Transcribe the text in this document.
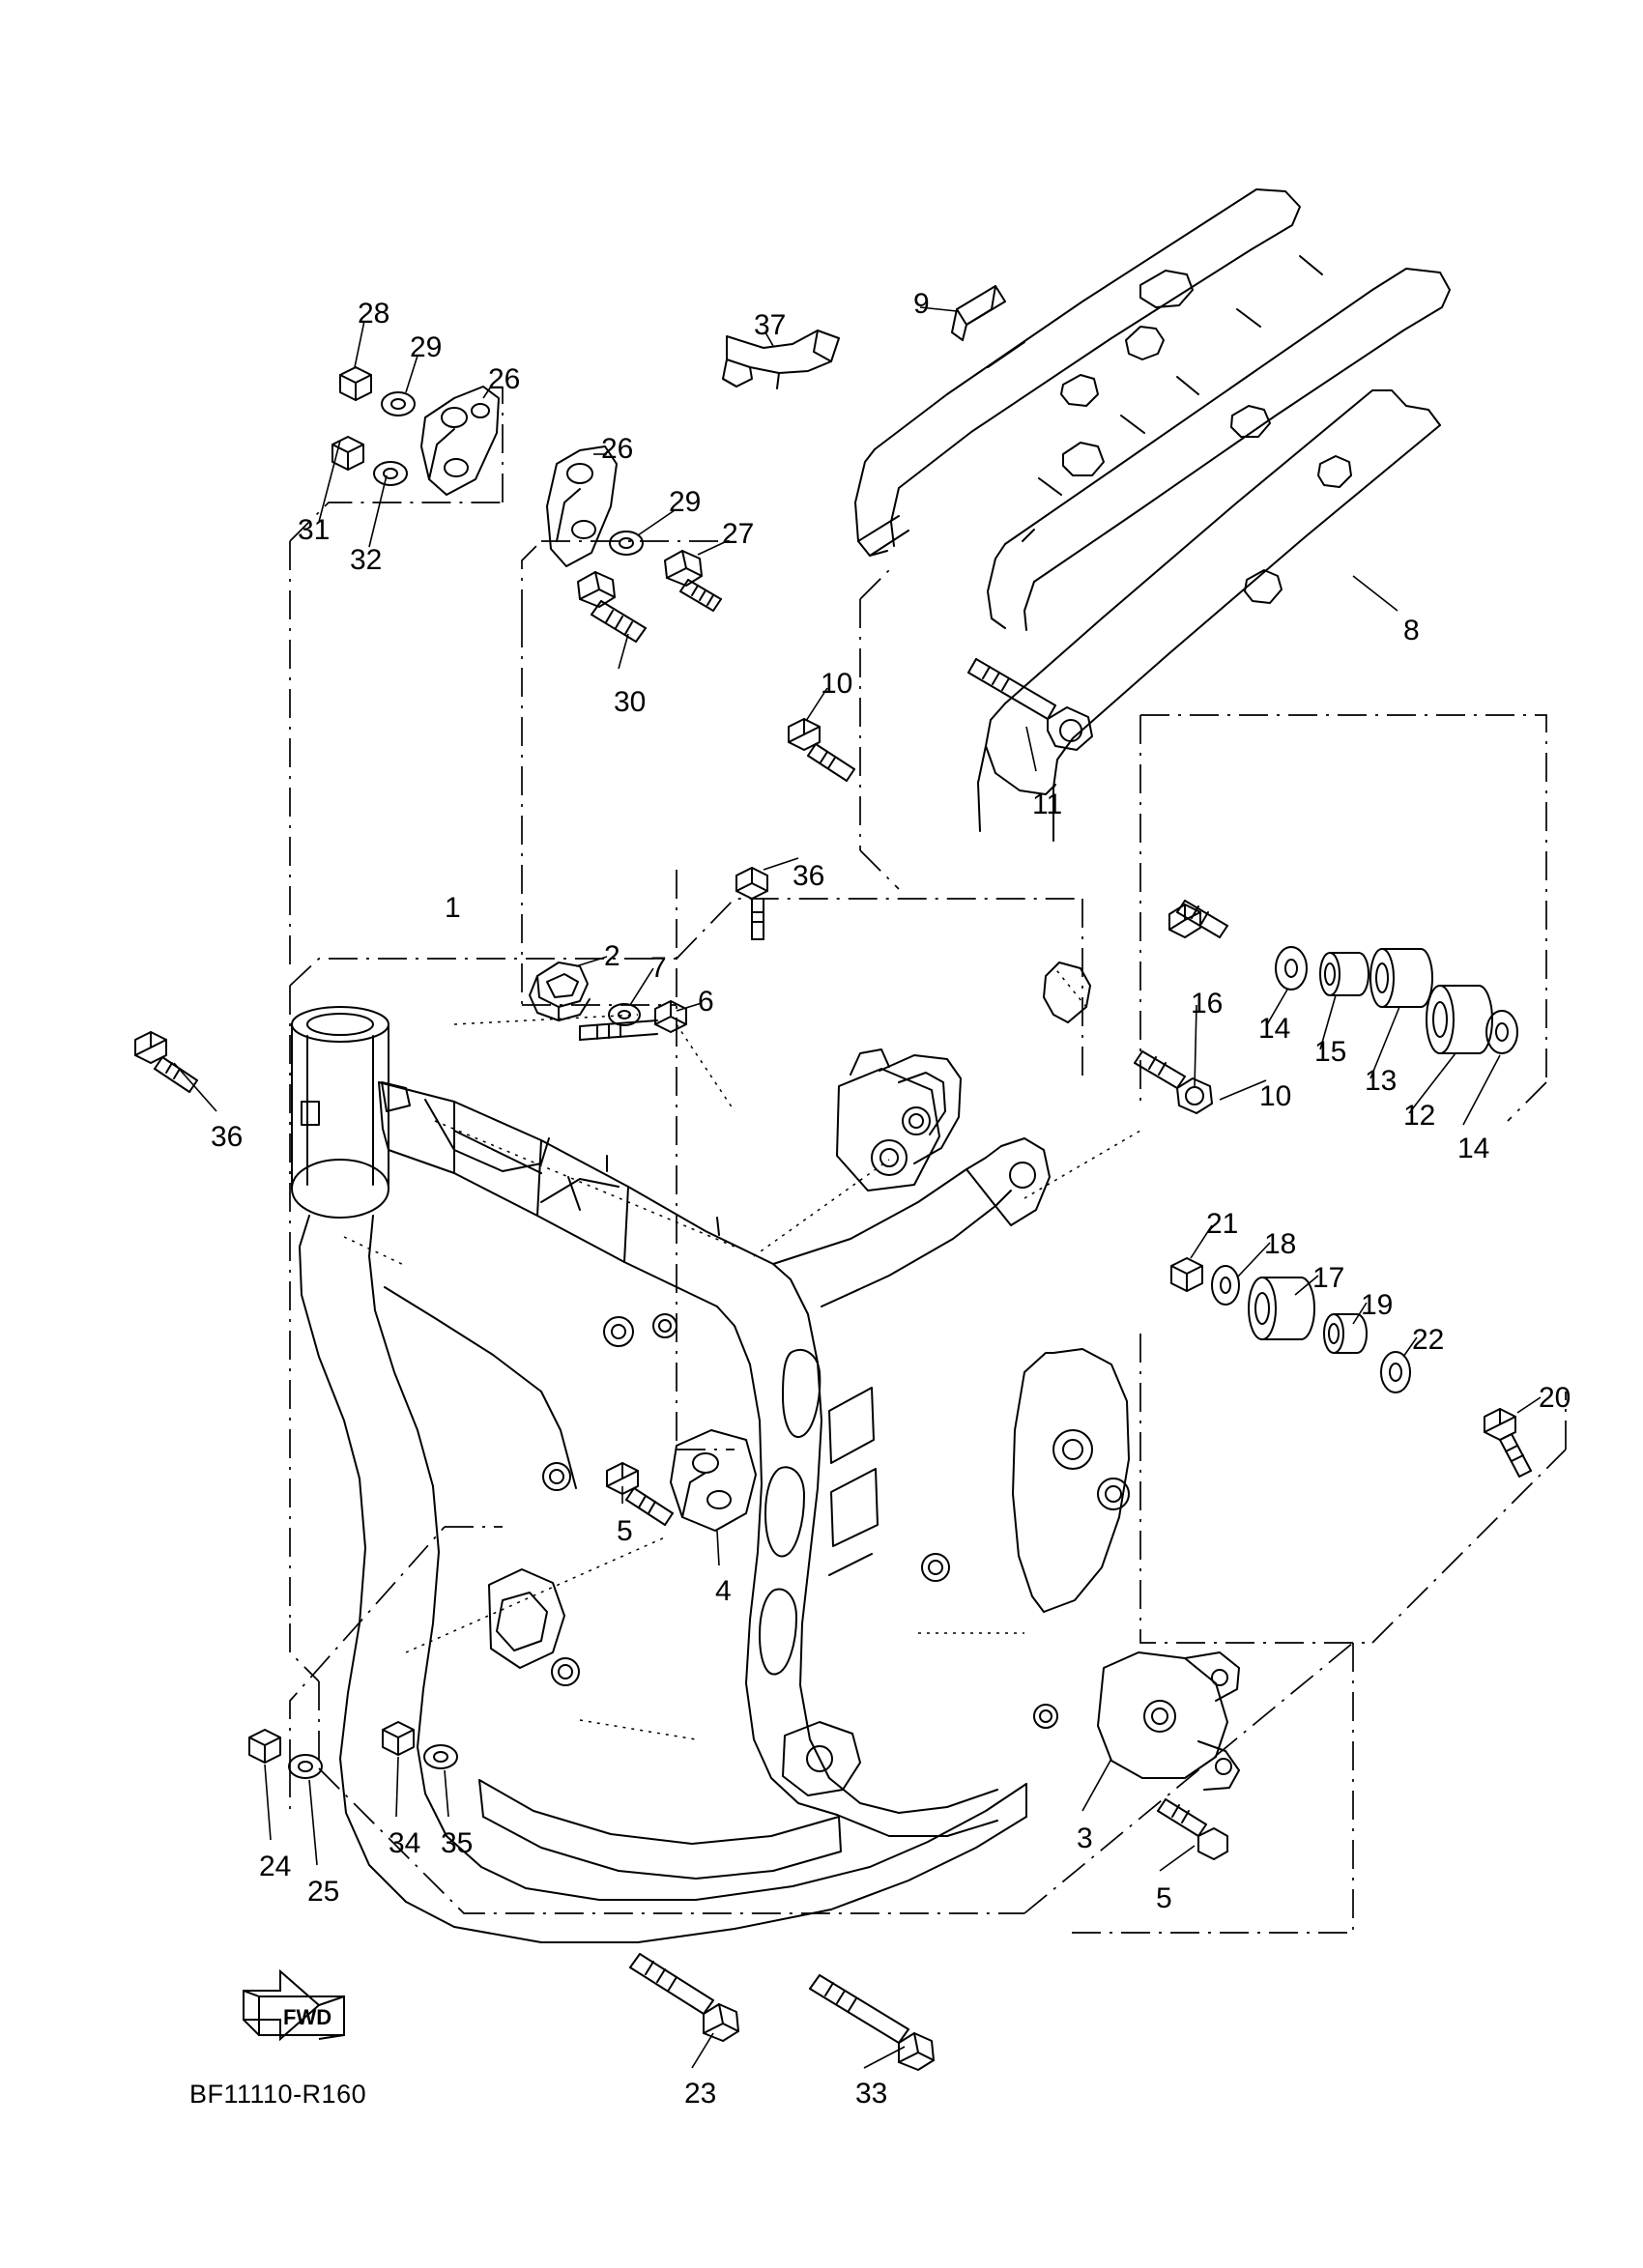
28
29
26
37
9
31
32
26
29
27
8
30
10
11
36
1
2 7
6	16
14
15
13
12
14
10
36
21
18
17
19
22
20
5
4
24
25
34 35	3
5
23	33
FWD
BF11110-R160
